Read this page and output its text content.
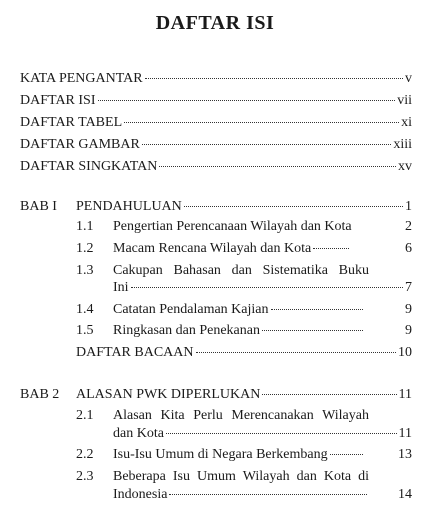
DAFTAR ISI
KATA PENGANTAR	v
DAFTAR ISI	vii
DAFTAR TABEL	xi
DAFTAR GAMBAR	xiii
DAFTAR SINGKATAN	xv
BAB I PENDAHULUAN	1
1.1 Pengertian Perencanaan Wilayah dan Kota	2
1.2 Macam Rencana Wilayah dan Kota	6
1.3 Cakupan Bahasan dan Sistematika Buku
Ini	7
1.4 Catatan Pendalaman Kajian	9
1.5 Ringkasan dan Penekanan	9
DAFTAR BACAAN	10
BAB 2 ALASAN PWK DIPERLUKAN	11
2.1 Alasan Kita Perlu Merencanakan Wilayah
dan Kota	11
2.2 Isu-Isu Umum di Negara Berkembang	13
2.3 Beberapa Isu Umum Wilayah dan Kota di
Indonesia	14
